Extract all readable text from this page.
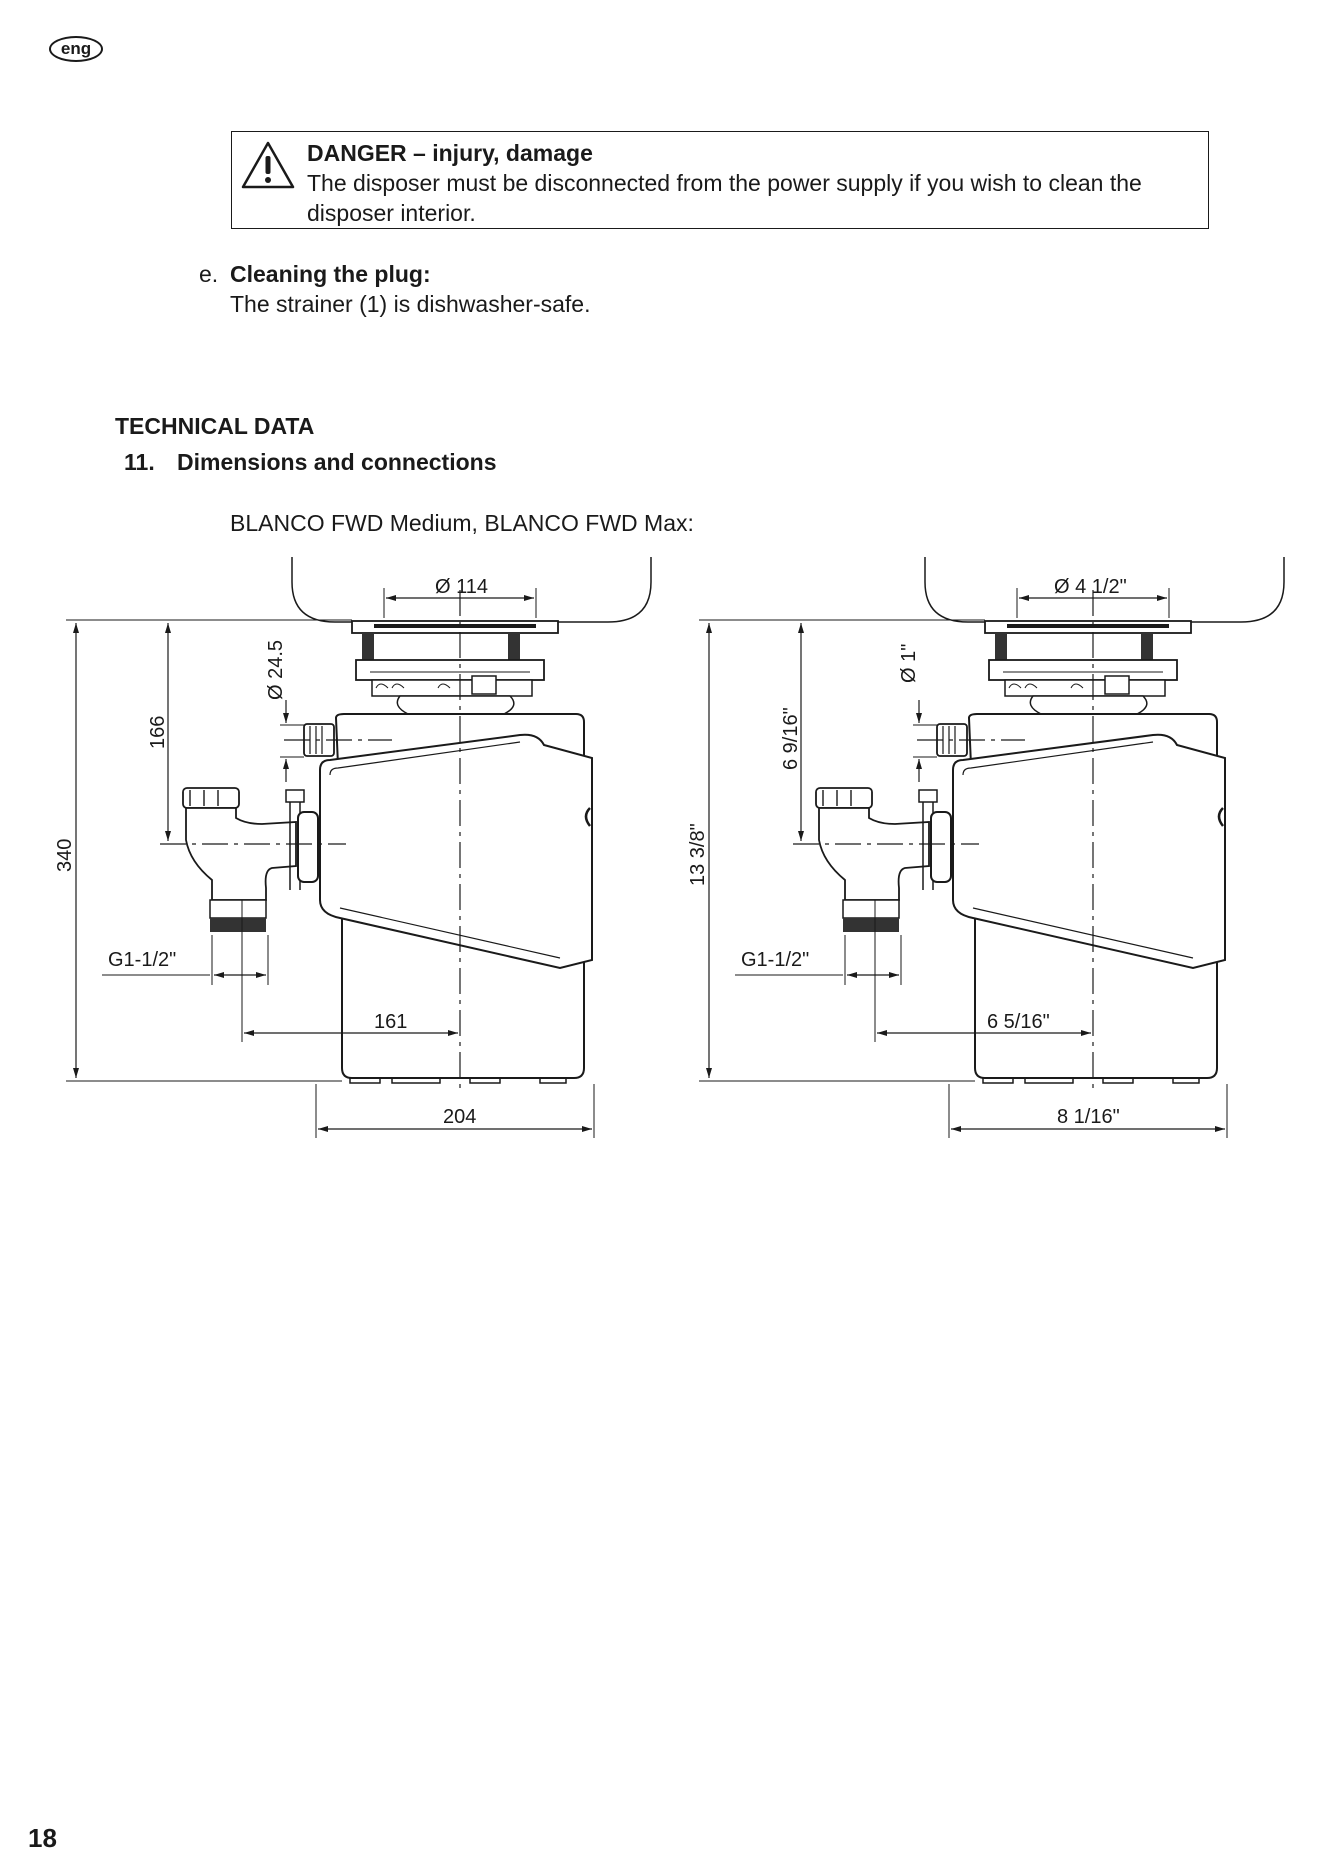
eng
DANGER – injury, damage
The disposer must be disconnected from the power supply if you wish to clean the disposer interior.
e. Cleaning the plug:
The strainer (1) is dishwasher-safe.
TECHNICAL DATA
11. Dimensions and connections
BLANCO FWD Medium, BLANCO FWD Max:
Ø 114
Ø 24.5
166
340
G1-1/2"
161
204
Ø 4 1/2"
Ø 1"
6 9/16"
13 3/8"
G1-1/2"
6 5/16"
8 1/16"
18
